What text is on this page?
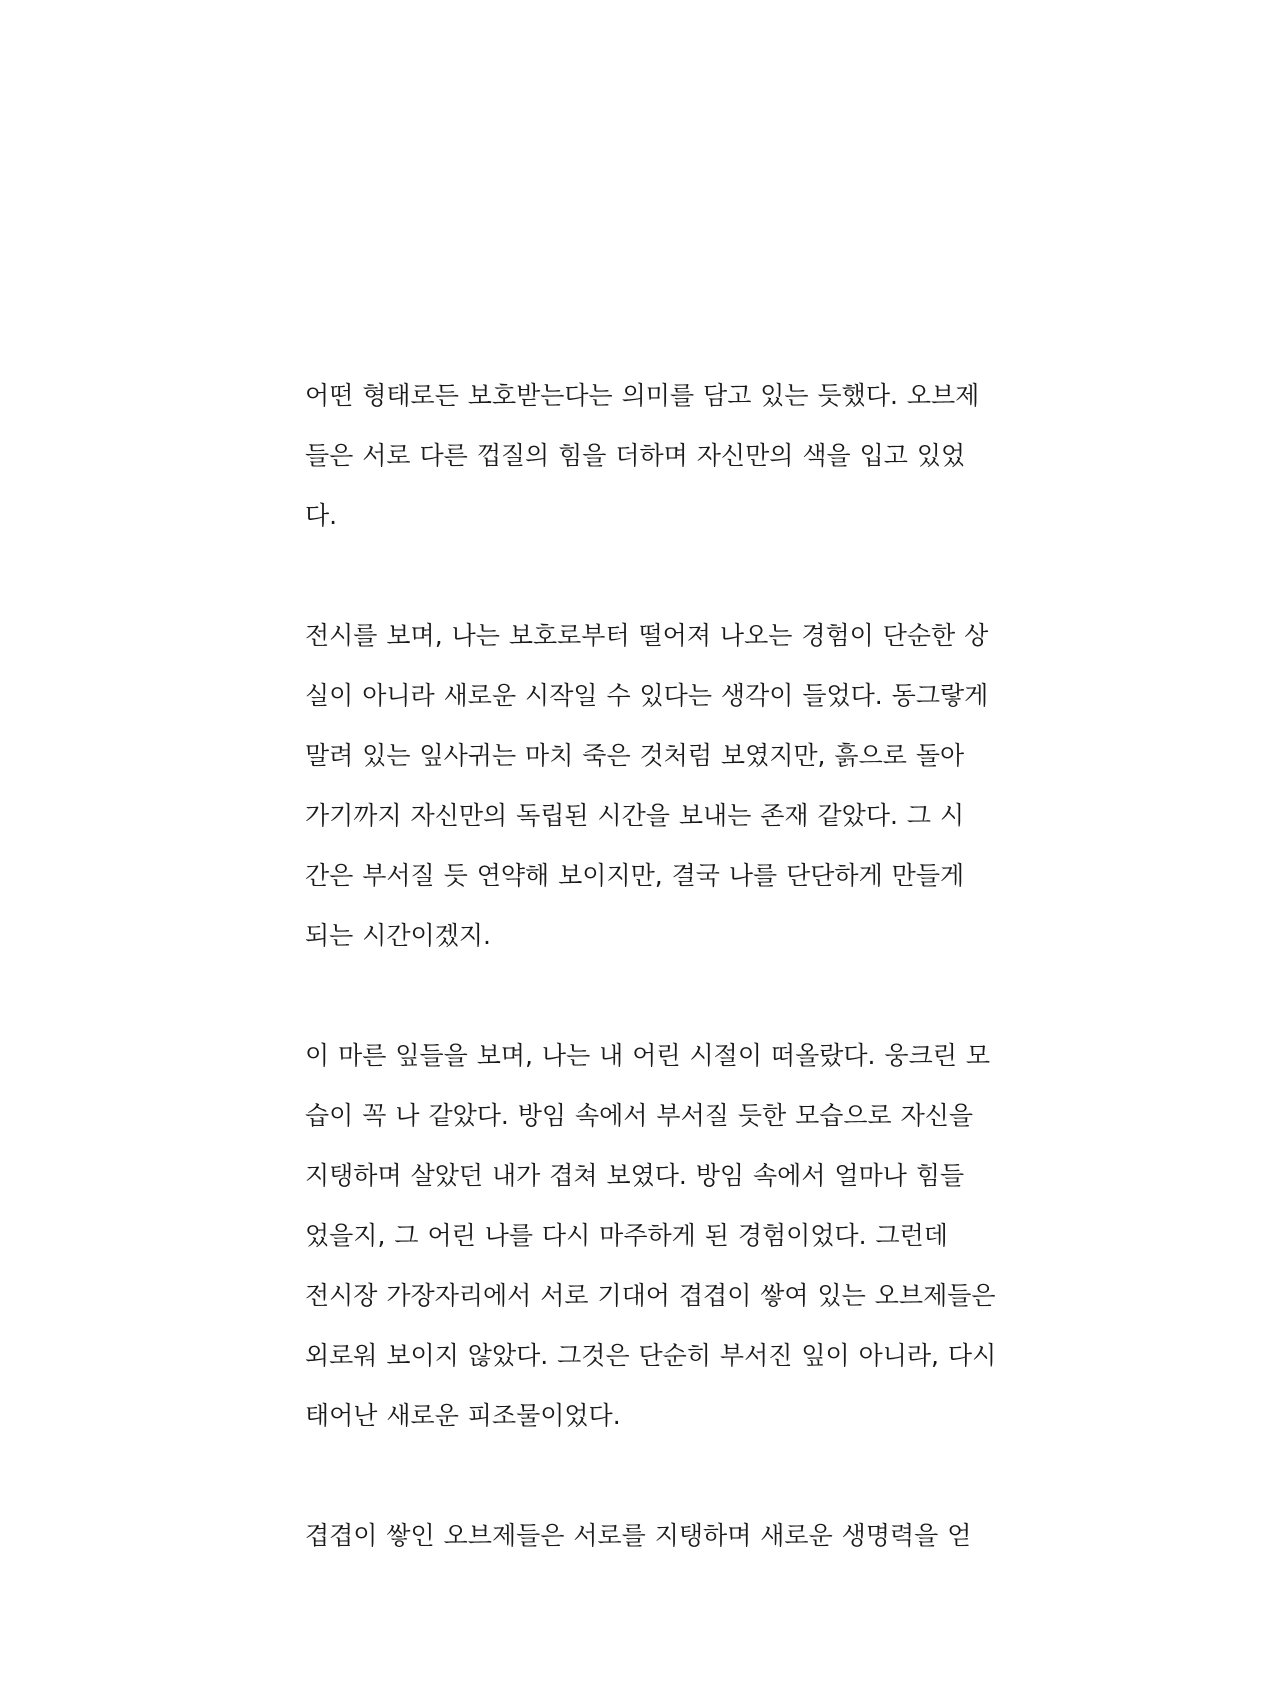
어떤 형태로든 보호받는다는 의미를 담고 있는 듯했다. 오브제
들은 서로 다른 껍질의 힘을 더하며 자신만의 색을 입고 있었
다.
전시를 보며, 나는 보호로부터 떨어져 나오는 경험이 단순한 상
실이 아니라 새로운 시작일 수 있다는 생각이 들었다. 동그랗게
말려 있는 잎사귀는 마치 죽은 것처럼 보였지만, 흙으로 돌아
가기까지 자신만의 독립된 시간을 보내는 존재 같았다. 그 시
간은 부서질 듯 연약해 보이지만, 결국 나를 단단하게 만들게
되는 시간이겠지.
이 마른 잎들을 보며, 나는 내 어린 시절이 떠올랐다. 웅크린 모
습이 꼭 나 같았다. 방임 속에서 부서질 듯한 모습으로 자신을
지탱하며 살았던 내가 겹쳐 보였다. 방임 속에서 얼마나 힘들
었을지, 그 어린 나를 다시 마주하게 된 경험이었다. 그런데
전시장 가장자리에서 서로 기대어 겹겹이 쌓여 있는 오브제들은
외로워 보이지 않았다. 그것은 단순히 부서진 잎이 아니라, 다시
태어난 새로운 피조물이었다.
겹겹이 쌓인 오브제들은 서로를 지탱하며 새로운 생명력을 얻
